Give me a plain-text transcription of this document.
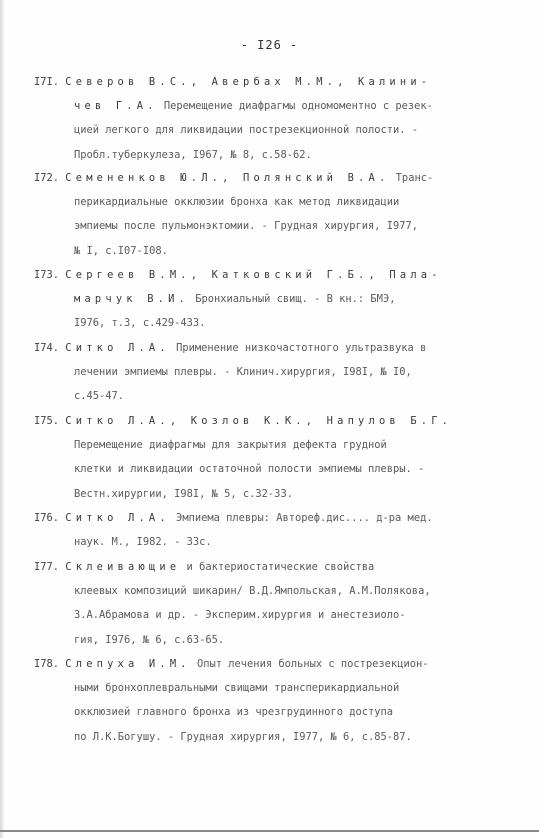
- I26 -
I7I. Северов В.С., Авербах М.М., Калини-
чев Г.А. Перемещение диафрагмы одномоментно с резек-
цией легкого для ликвидации пострезекционной полости. -
Пробл.туберкулеза, I967, № 8, с.58-62.
I72. Семененков Ю.Л., Полянский В.А. Транс-
перикардиальные окклюзии бронха как метод ликвидации
эмпиемы после пульмонэктомии. - Грудная хирургия, I977,
№ I, с.I07-I08.
I73. Сергеев В.М., Катковский Г.Б., Пала-
марчук В.И. Бронхиальный свищ. - В кн.: БМЭ,
I976, т.3, с.429-433.
I74. Ситко Л.А. Применение низкочастотного ультразвука в
лечении эмпиемы плевры. - Клинич.хирургия, I98I, № I0,
с.45-47.
I75. Ситко Л.А., Козлов К.К., Напулов Б.Г.
Перемещение диафрагмы для закрытия дефекта грудной
клетки и ликвидации остаточной полости эмпиемы плевры. -
Вестн.хирургии, I98I, № 5, с.32-33.
I76. Ситко Л.А. Эмпиема плевры: Автореф.дис.... д-ра мед.
наук. М., I982. - 33с.
I77. Склеивающие и бактериостатические свойства
клеевых композиций шикарин/ В.Д.Ямпольская, А.М.Полякова,
З.А.Абрамова и др. - Эксперим.хирургия и анестезиоло-
гия, I976, № 6, с.63-65.
I78. Слепуха И.М. Опыт лечения больных с пострезекцион-
ными бронхоплевральными свищами трансперикардиальной
окклюзией главного бронха из чрезгрудинного доступа
по Л.К.Богушу. - Грудная хирургия, I977, № 6, с.85-87.
